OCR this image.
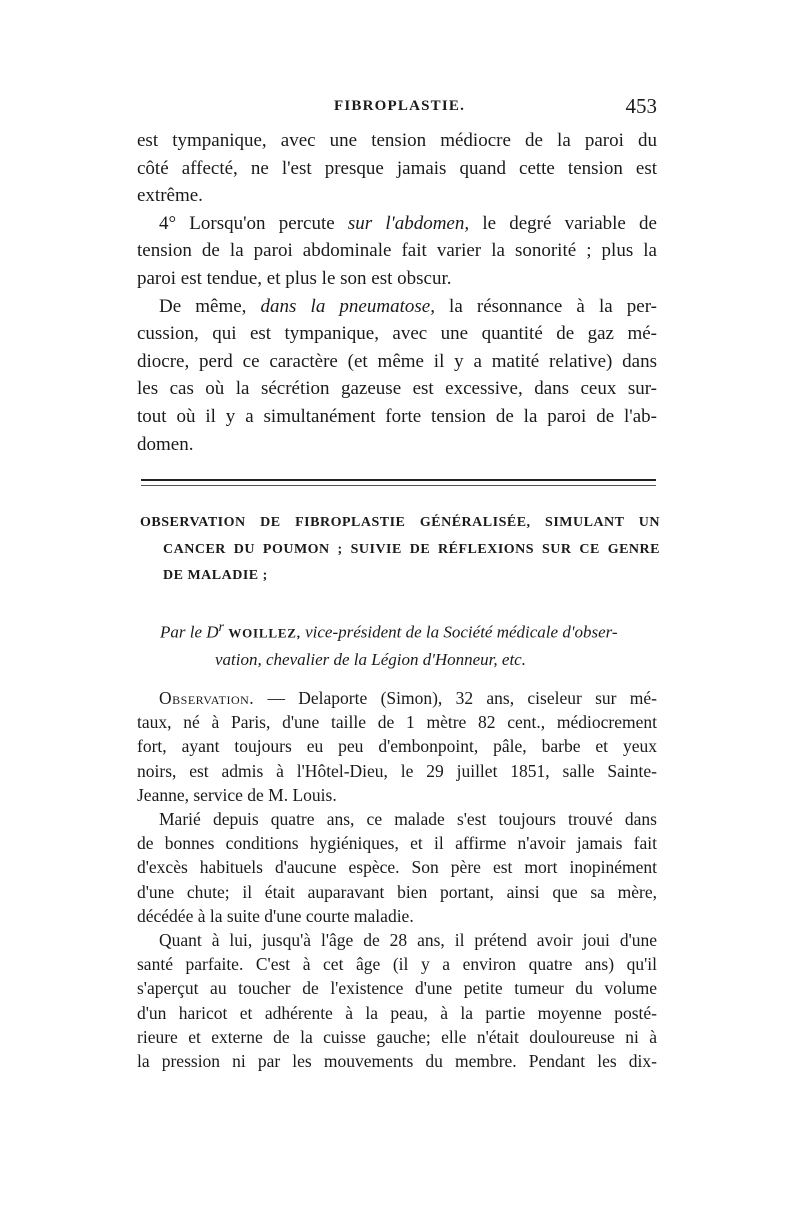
FIBROPLASTIE.	453
est tympanique, avec une tension médiocre de la paroi du
côté affecté, ne l'est presque jamais quand cette tension est
extrême.
4° Lorsqu'on percute sur l'abdomen, le degré variable de
tension de la paroi abdominale fait varier la sonorité ; plus la
paroi est tendue, et plus le son est obscur.
De même, dans la pneumatose, la résonnance à la per-
cussion, qui est tympanique, avec une quantité de gaz mé-
diocre, perd ce caractère (et même il y a matité relative) dans
les cas où la sécrétion gazeuse est excessive, dans ceux sur-
tout où il y a simultanément forte tension de la paroi de l'ab-
domen.
OBSERVATION DE FIBROPLASTIE GÉNÉRALISÉE, SIMULANT UN
CANCER DU POUMON ; SUIVIE DE RÉFLEXIONS SUR CE GENRE
DE MALADIE ;
Par le $D^r$ WOILLEZ, vice-président de la Société médicale d'obser-
vation, chevalier de la Légion d'Honneur, etc.
Observation. — Delaporte (Simon), 32 ans, ciseleur sur mé-
taux, né à Paris, d'une taille de 1 mètre 82 cent., médiocrement
fort, ayant toujours eu peu d'embonpoint, pâle, barbe et yeux
noirs, est admis à l'Hôtel-Dieu, le 29 juillet 1851, salle Sainte-
Jeanne, service de M. Louis.
Marié depuis quatre ans, ce malade s'est toujours trouvé dans
de bonnes conditions hygiéniques, et il affirme n'avoir jamais fait
d'excès habituels d'aucune espèce. Son père est mort inopinément
d'une chute; il était auparavant bien portant, ainsi que sa mère,
décédée à la suite d'une courte maladie.
Quant à lui, jusqu'à l'âge de 28 ans, il prétend avoir joui d'une
santé parfaite. C'est à cet âge (il y a environ quatre ans) qu'il
s'aperçut au toucher de l'existence d'une petite tumeur du volume
d'un haricot et adhérente à la peau, à la partie moyenne posté-
rieure et externe de la cuisse gauche; elle n'était douloureuse ni à
la pression ni par les mouvements du membre. Pendant les dix-
